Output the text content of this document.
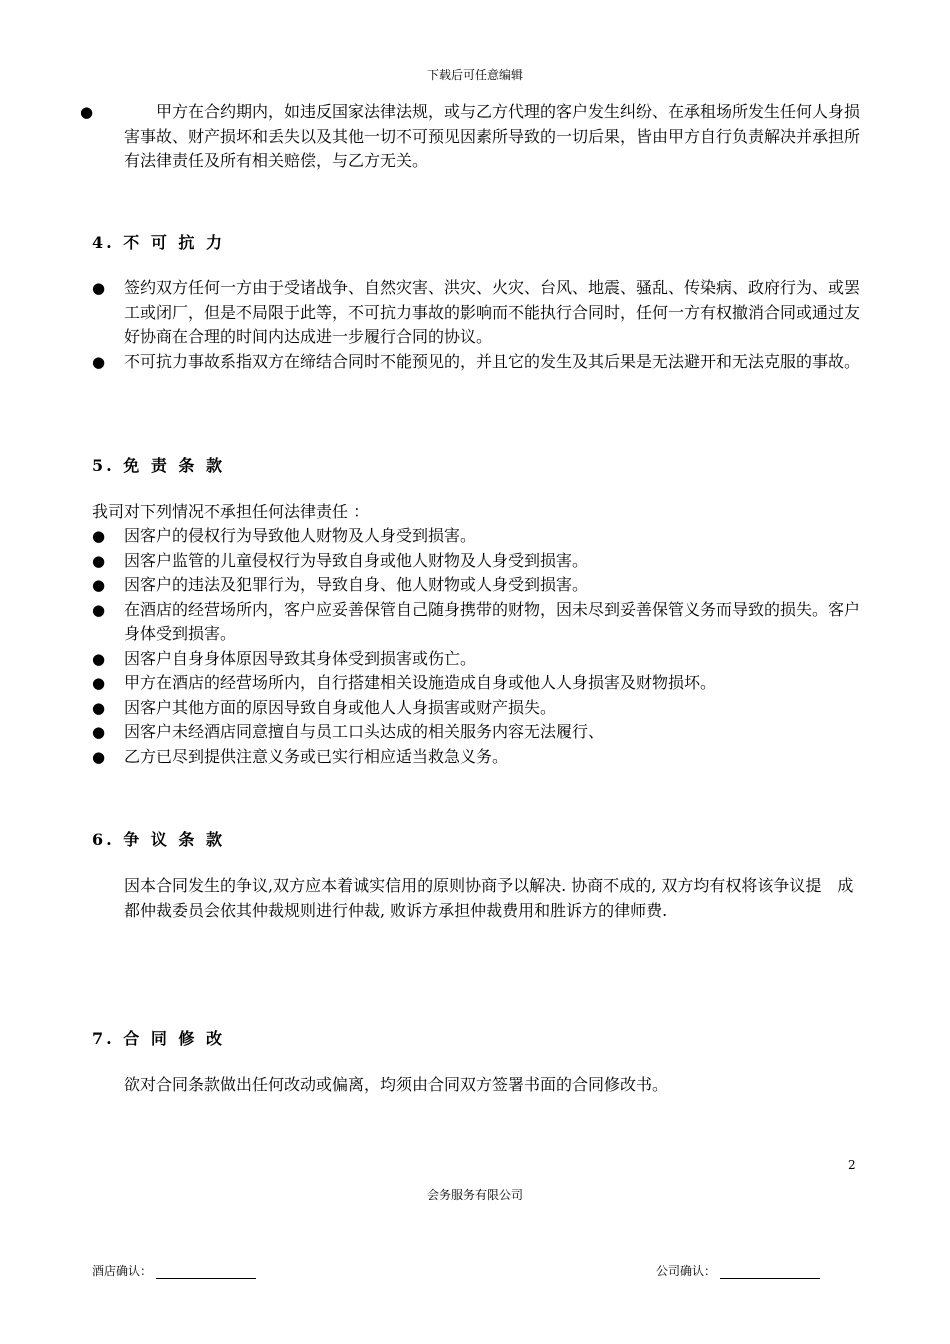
下载后可任意编辑
●	甲方在合约期内，如违反国家法律法规，或与乙方代理的客户发生纠纷、在承租场所发生任何人身损害事故、财产损坏和丢失以及其他一切不可预见因素所导致的一切后果，皆由甲方自行负责解决并承担所有法律责任及所有相关赔偿，与乙方无关。
4. 不 可 抗 力
● 签约双方任何一方由于受诸战争、自然灾害、洪灾、火灾、台风、地震、骚乱、传染病、政府行为、或罢工或闭厂，但是不局限于此等，不可抗力事故的影响而不能执行合同时，任何一方有权撤消合同或通过友好协商在合理的时间内达成进一步履行合同的协议。
● 不可抗力事故系指双方在缔结合同时不能预见的，并且它的发生及其后果是无法避开和无法克服的事故。
5. 免 责 条 款

我司对下列情况不承担任何法律责任 ：

● 因客户的侵权行为导致他人财物及人身受到损害。
● 因客户监管的儿童侵权行为导致自身或他人财物及人身受到损害。
● 因客户的违法及犯罪行为，导致自身、他人财物或人身受到损害。
● 在酒店的经营场所内，客户应妥善保管自己随身携带的财物，因未尽到妥善保管义务而导致的损失。客户身体受到损害。
● 因客户自身身体原因导致其身体受到损害或伤亡。
● 甲方在酒店的经营场所内，自行搭建相关设施造成自身或他人人身损害及财物损坏。
● 因客户其他方面的原因导致自身或他人人身损害或财产损失。
● 因客户未经酒店同意擅自与员工口头达成的相关服务内容无法履行、
● 乙方已尽到提供注意义务或已实行相应适当救急义务。
6. 争 议 条 款

因本合同发生的争议,双方应本着诚实信用的原则协商予以解决. 协商不成的, 双方均有权将该争议提　成都仲裁委员会依其仲裁规则进行仲裁, 败诉方承担仲裁费用和胜诉方的律师费.

7. 合 同 修 改

欲对合同条款做出任何改动或偏离，均须由合同双方签署书面的合同修改书。

2
会务服务有限公司
酒店确认：	公司确认：
